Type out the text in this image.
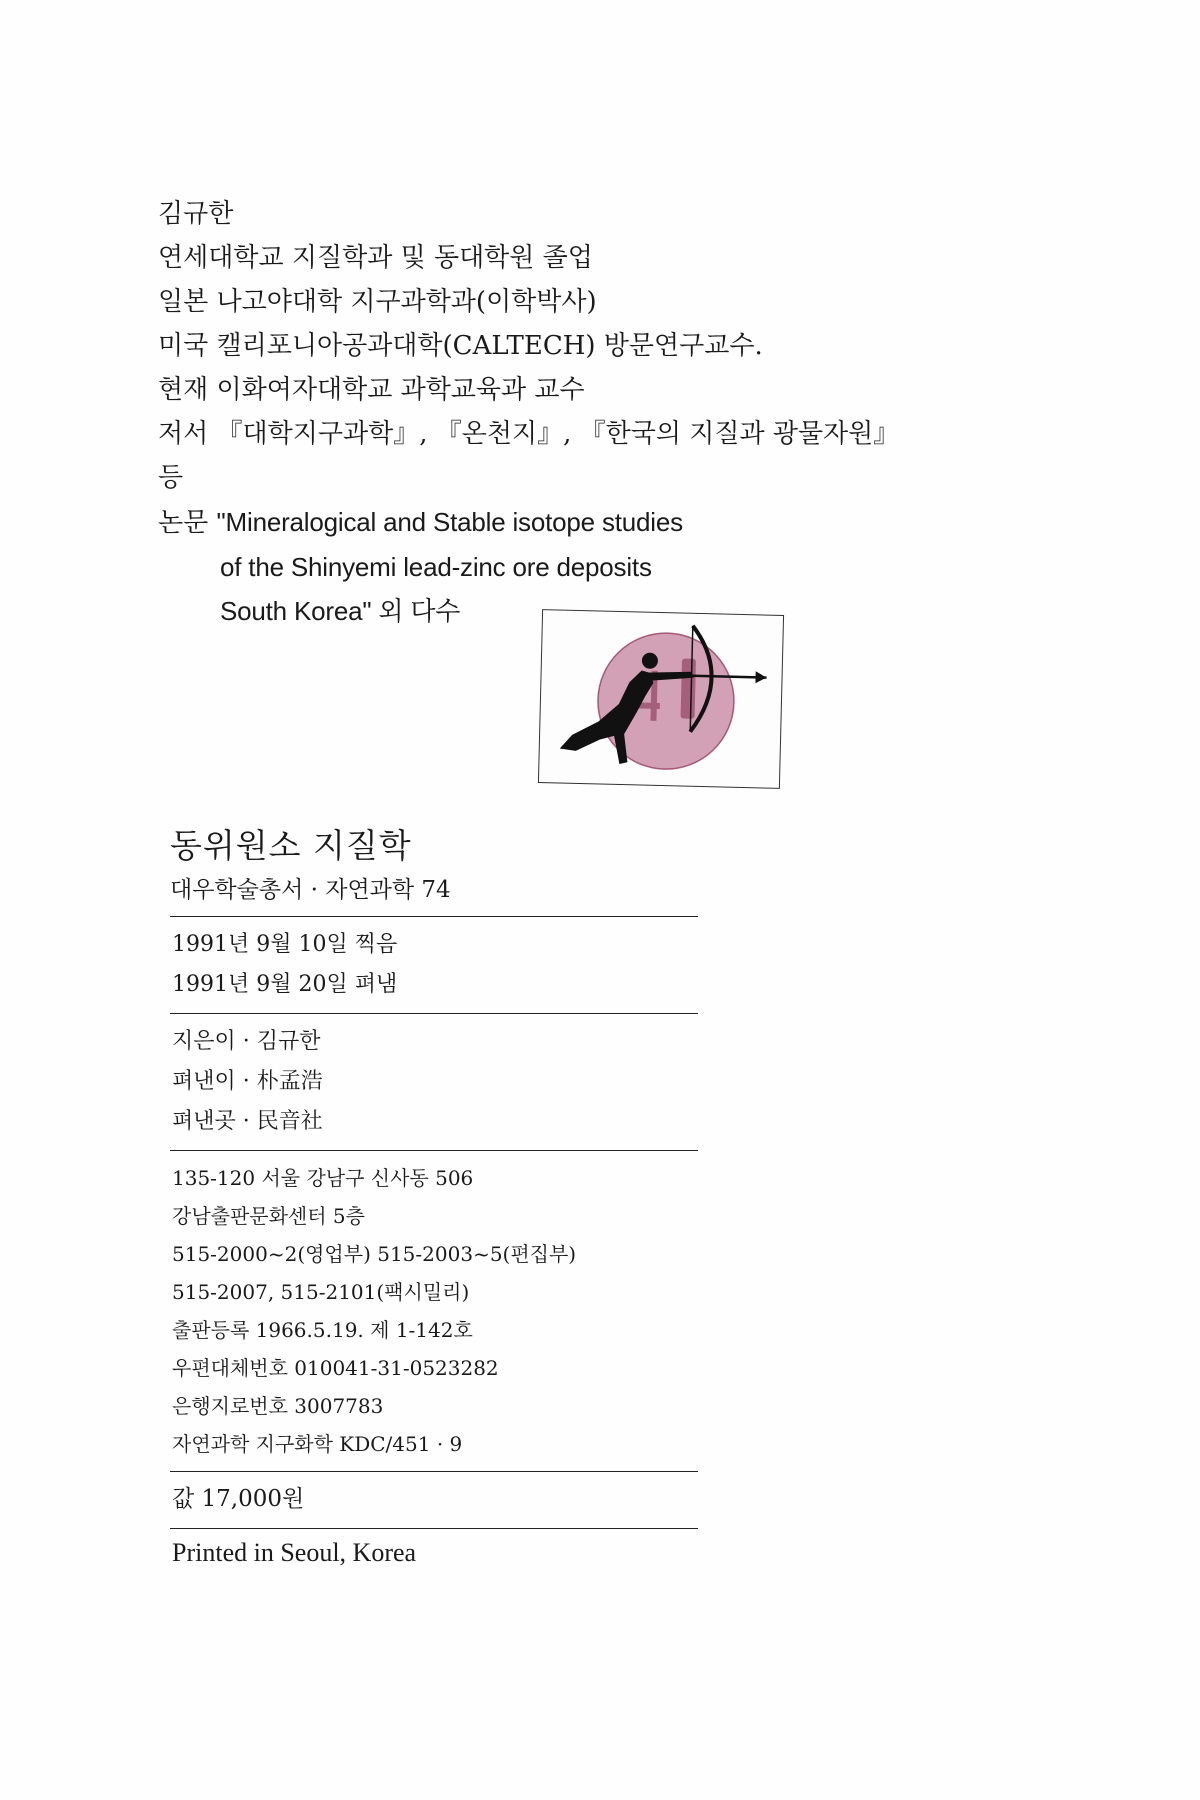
김규한
연세대학교 지질학과 및 동대학원 졸업
일본 나고야대학 지구과학과(이학박사)
미국 캘리포니아공과대학(CALTECH) 방문연구교수.
현재 이화여자대학교 과학교육과 교수
저서 『대학지구과학』, 『온천지』, 『한국의 지질과 광물자원』 등
논문 "Mineralogical and Stable isotope studies
of the Shinyemi lead-zinc ore deposits
South Korea" 외 다수
동위원소 지질학
대우학술총서 · 자연과학 74
1991년 9월 10일 찍음
1991년 9월 20일 펴냄
지은이 · 김규한
펴낸이 · 朴孟浩
펴낸곳 · 民音社
135-120 서울 강남구 신사동 506
강남출판문화센터 5층
515-2000~2(영업부) 515-2003~5(편집부)
515-2007, 515-2101(팩시밀리)
출판등록 1966.5.19. 제 1-142호
우편대체번호 010041-31-0523282
은행지로번호 3007783
자연과학 지구화학 KDC/451 · 9
값 17,000원
Printed in Seoul, Korea
